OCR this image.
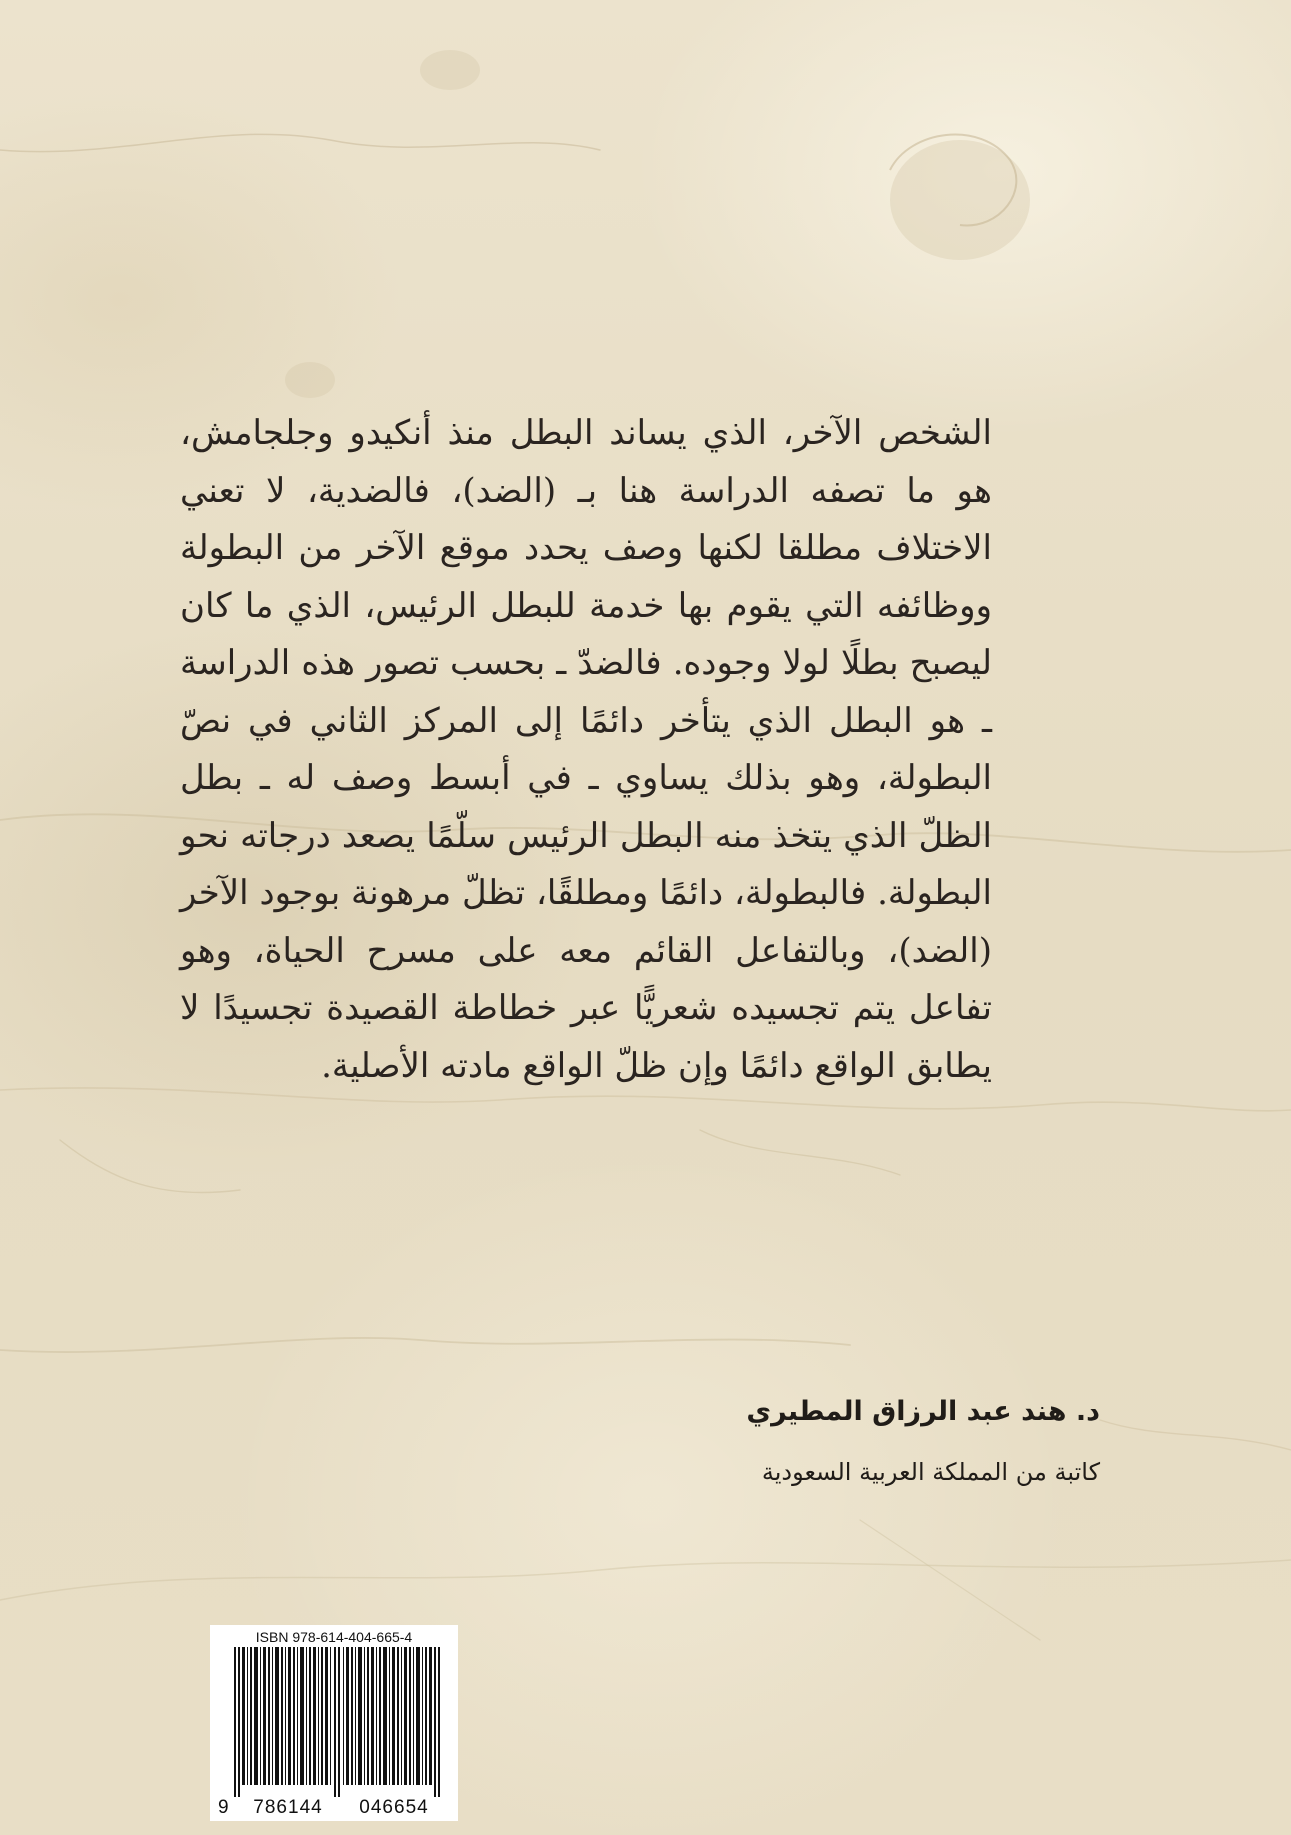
الشخص الآخر، الذي يساند البطل منذ أنكيدو وجلجامش، هو ما تصفه الدراسة هنا بـ (الضد)، فالضدية، لا تعني الاختلاف مطلقا لكنها وصف يحدد موقع الآخر من البطولة ووظائفه التي يقوم بها خدمة للبطل الرئيس، الذي ما كان ليصبح بطلًا لولا وجوده. فالضدّ ـ بحسب تصور هذه الدراسة ـ هو البطل الذي يتأخر دائمًا إلى المركز الثاني في نصّ البطولة، وهو بذلك يساوي ـ في أبسط وصف له ـ بطل الظلّ الذي يتخذ منه البطل الرئيس سلّمًا يصعد درجاته نحو البطولة. فالبطولة، دائمًا ومطلقًا، تظلّ مرهونة بوجود الآخر (الضد)، وبالتفاعل القائم معه على مسرح الحياة، وهو تفاعل يتم تجسيده شعريًّا عبر خطاطة القصيدة تجسيدًا لا يطابق الواقع دائمًا وإن ظلّ الواقع مادته الأصلية.
د. هند عبد الرزاق المطيري
كاتبة من المملكة العربية السعودية
ISBN 978-614-404-665-4
9	786144	046654
